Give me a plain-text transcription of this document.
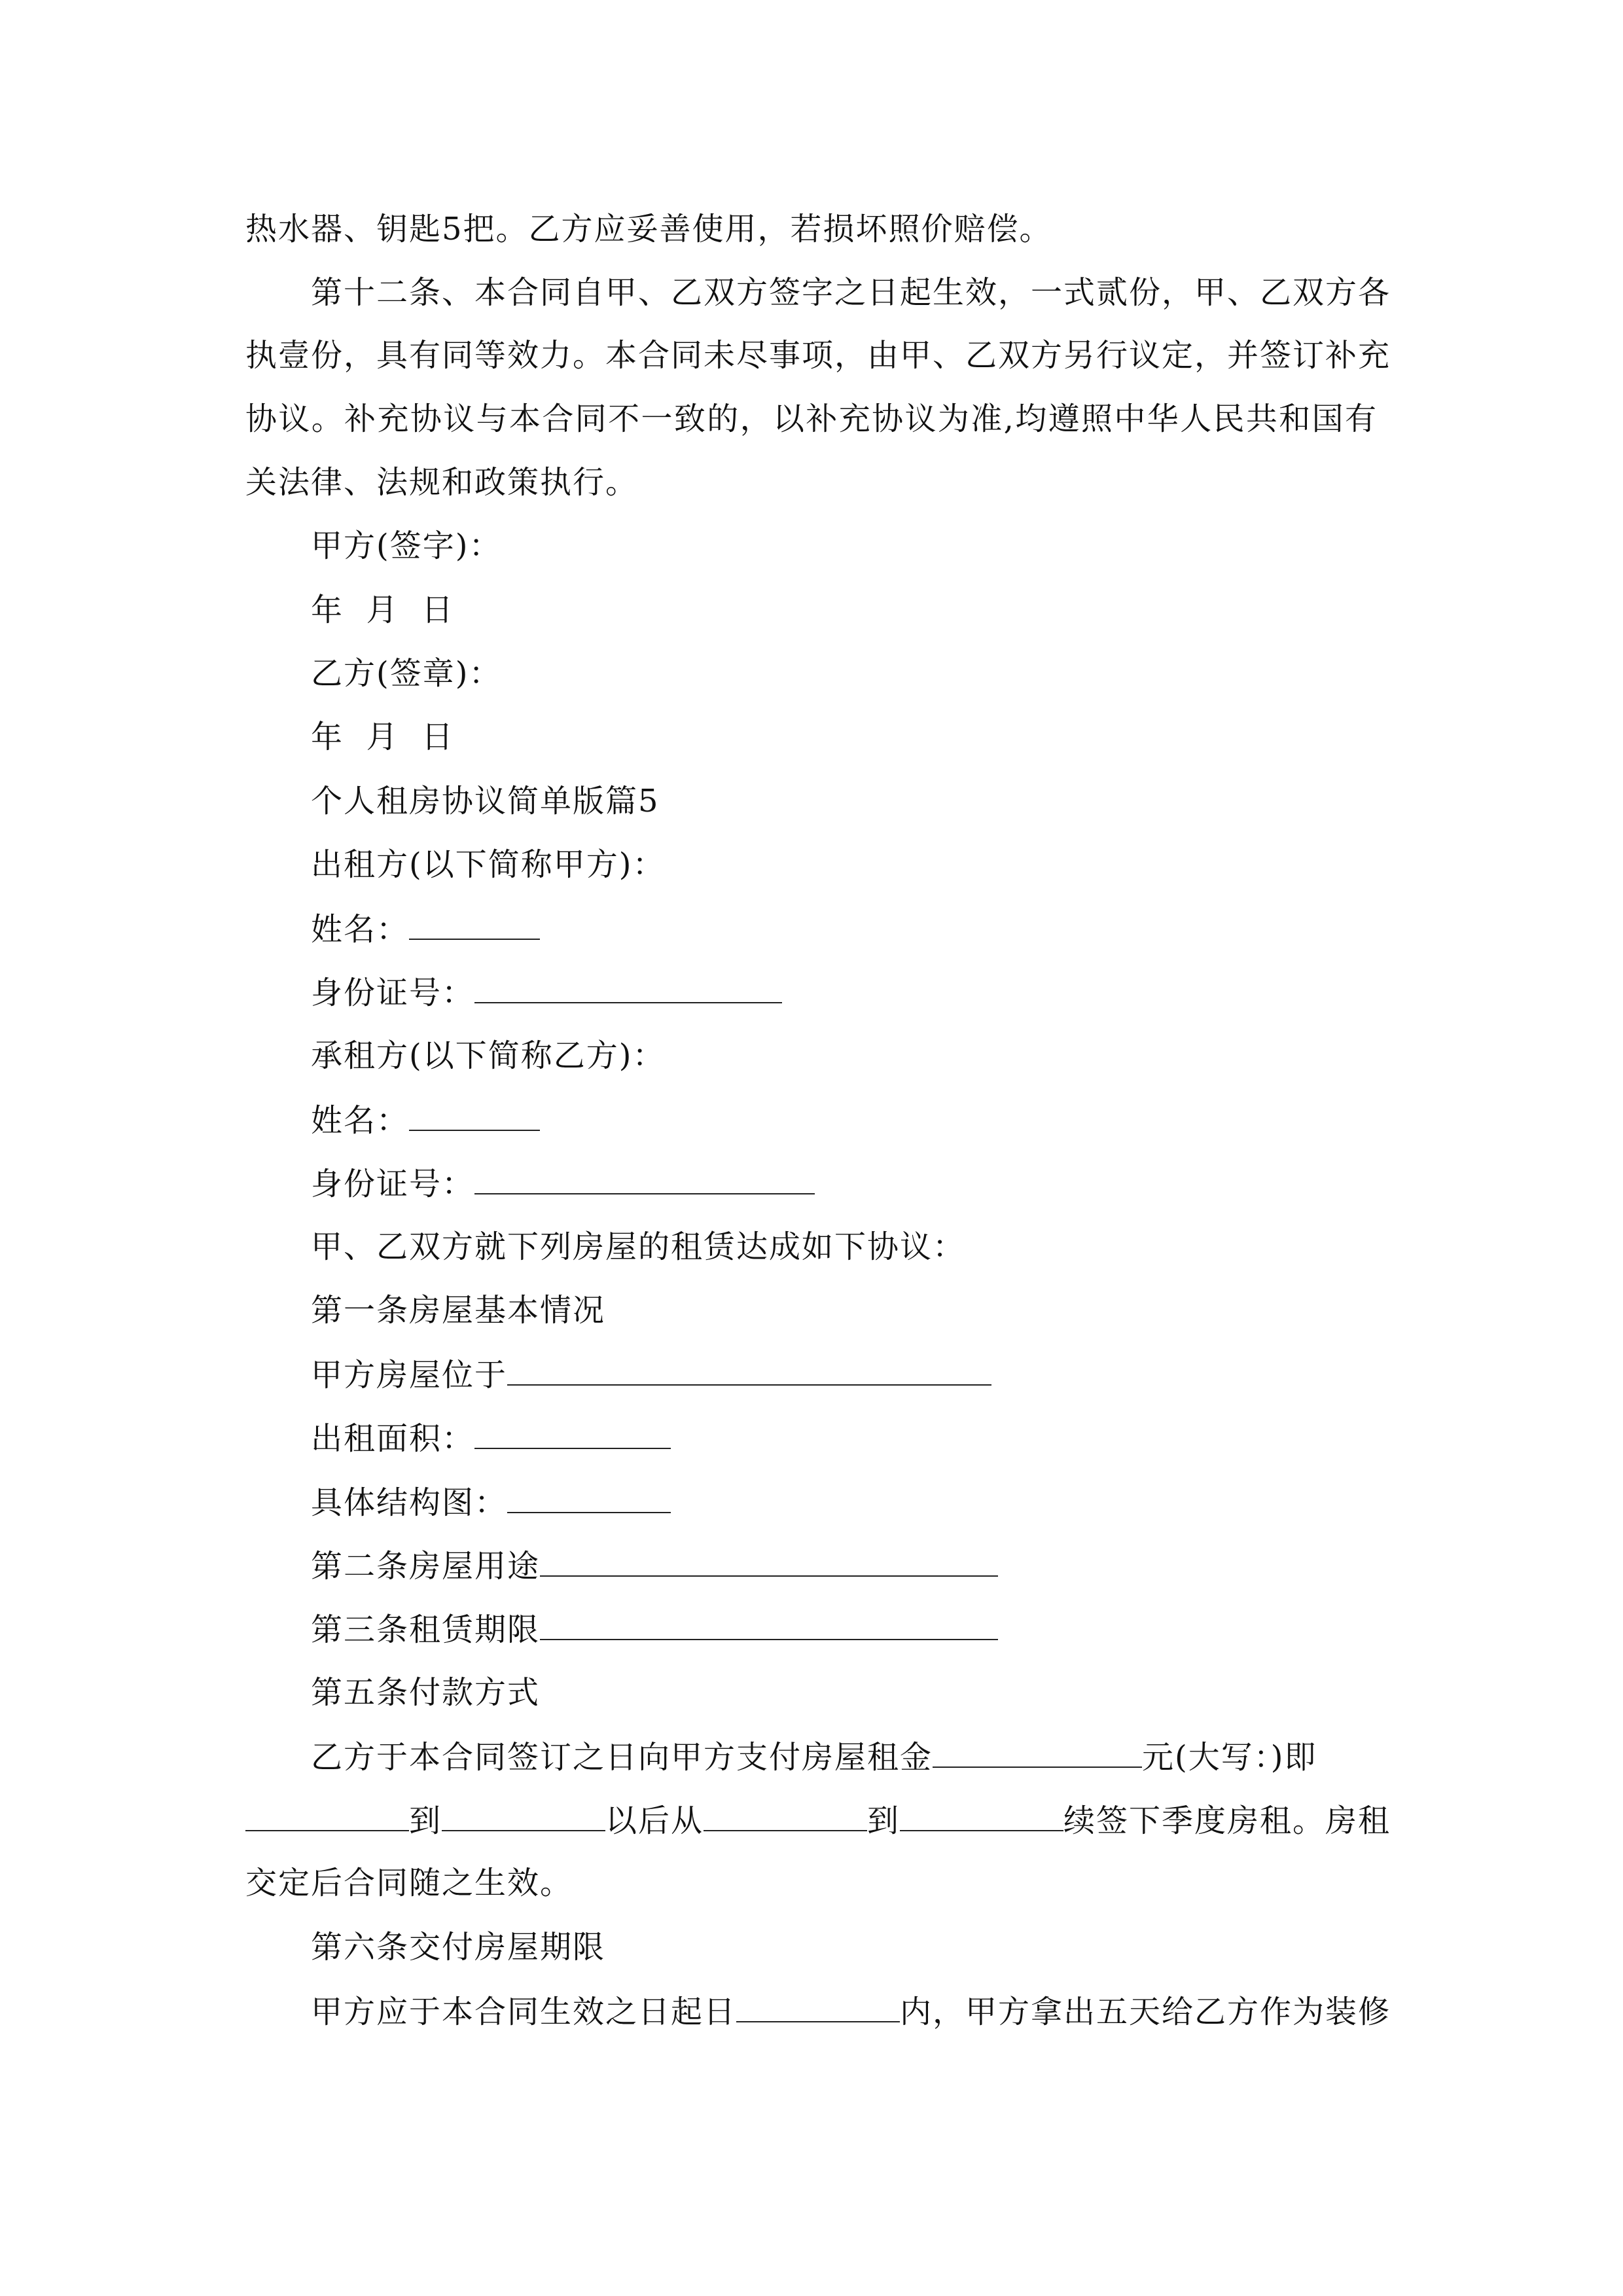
热水器、钥匙5把。乙方应妥善使用，若损坏照价赔偿。
第十二条、本合同自甲、乙双方签字之日起生效，一式贰份，甲、乙双方各
执壹份，具有同等效力。本合同未尽事项，由甲、乙双方另行议定，并签订补充
协议。补充协议与本合同不一致的，以补充协议为准,均遵照中华人民共和国有
关法律、法规和政策执行。
甲方(签字)：
年  月  日
乙方(签章)：
年  月  日
个人租房协议简单版篇5
出租方(以下简称甲方)：
姓名：
身份证号：
承租方(以下简称乙方)：
姓名：
身份证号：
甲、乙双方就下列房屋的租赁达成如下协议：
第一条房屋基本情况
甲方房屋位于
出租面积：
具体结构图：
第二条房屋用途
第三条租赁期限
第五条付款方式
乙方于本合同签订之日向甲方支付房屋租金	元(大写：)即
到	以后从	到	续签下季度房租。房租
交定后合同随之生效。
第六条交付房屋期限
甲方应于本合同生效之日起日	内，甲方拿出五天给乙方作为装修
